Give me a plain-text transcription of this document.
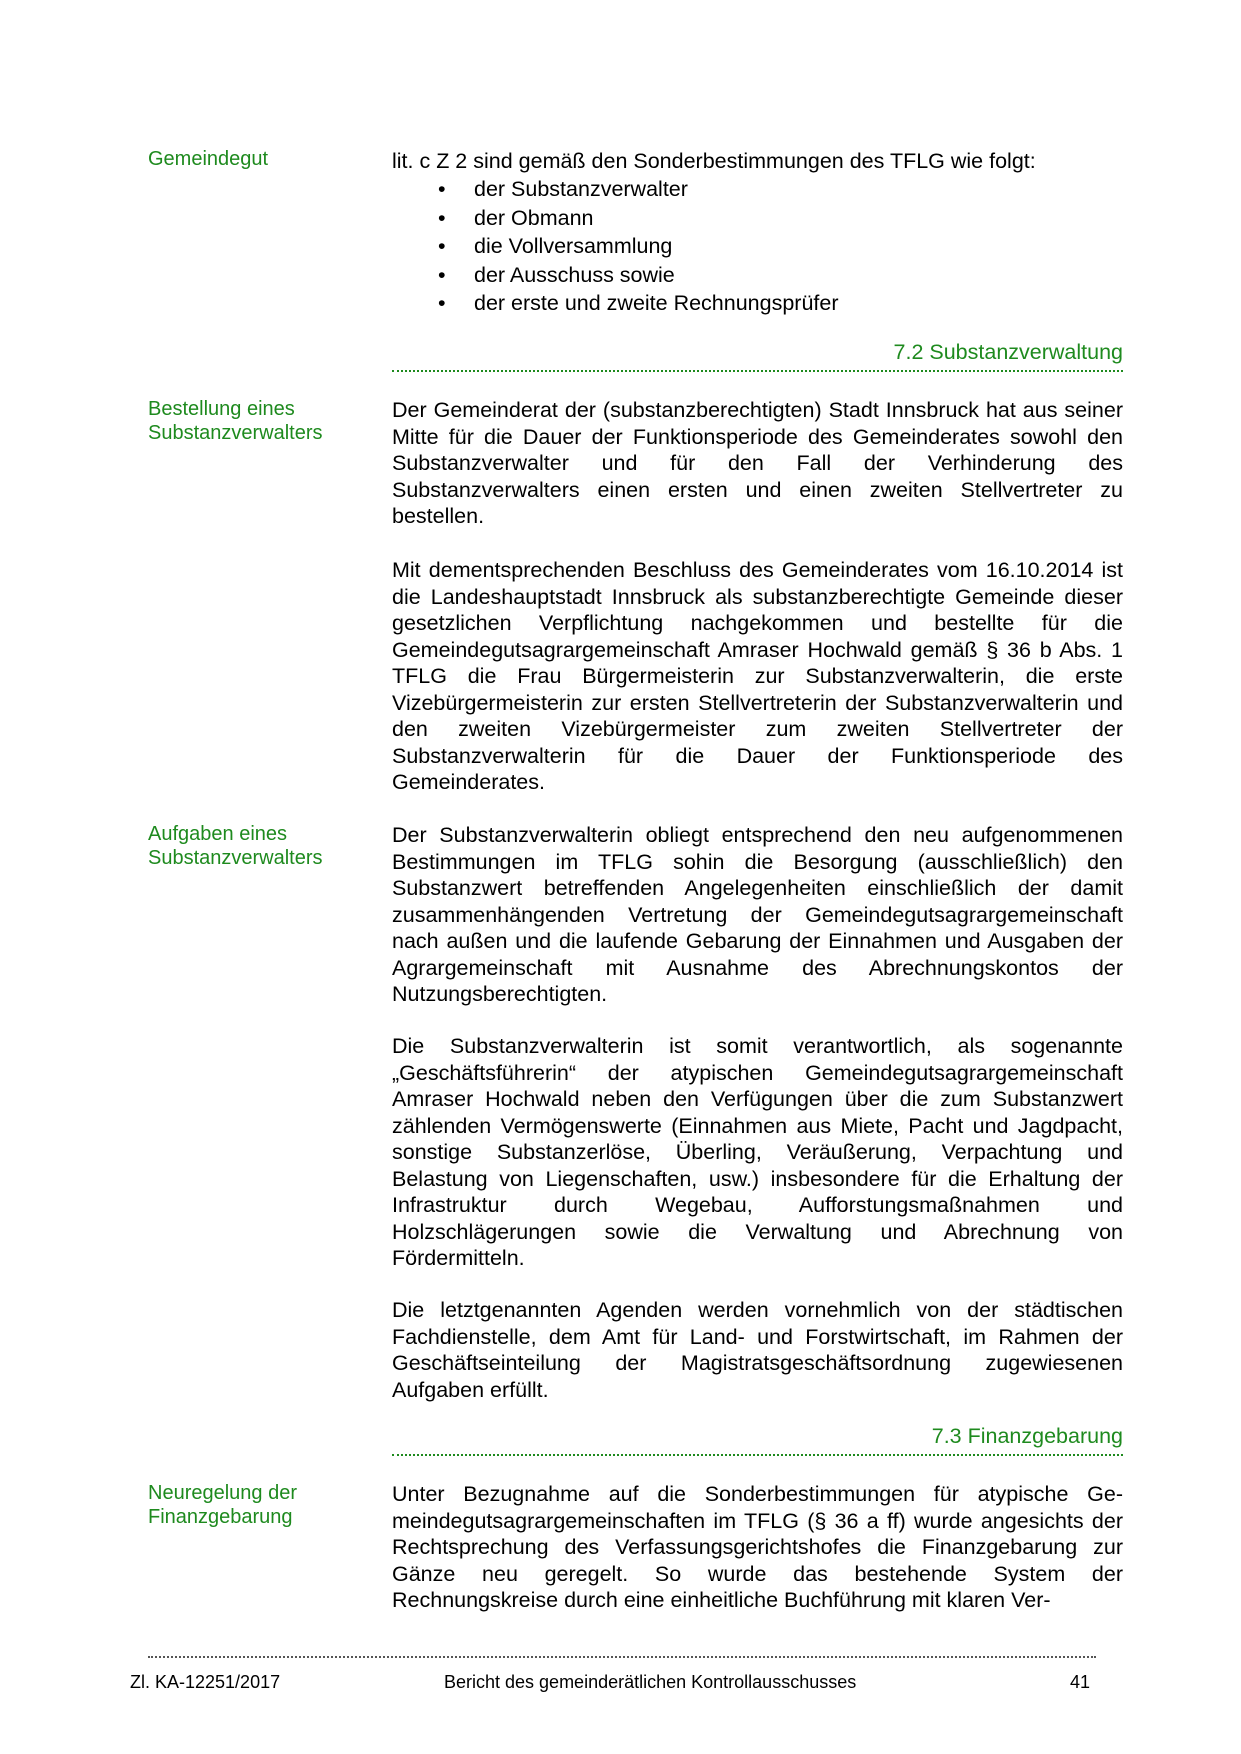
Gemeindegut	lit. c Z 2 sind gemäß den Sonderbestimmungen des TFLG wie folgt:
• der Substanzverwalter
• der Obmann
• die Vollversammlung
• der Ausschuss sowie
• der erste und zweite Rechnungsprüfer
7.2 Substanzverwaltung
Bestellung eines Substanzverwalters
Der Gemeinderat der (substanzberechtigten) Stadt Innsbruck hat aus seiner Mitte für die Dauer der Funktionsperiode des Gemeinderates sowohl den Substanzverwalter und für den Fall der Verhinderung des Substanzverwalters einen ersten und einen zweiten Stellvertreter zu bestellen.
Mit dementsprechenden Beschluss des Gemeinderates vom 16.10.2014 ist die Landeshauptstadt Innsbruck als substanzberechtigte Gemeinde dieser gesetzlichen Verpflichtung nachgekommen und bestellte für die Gemeindegutsagrargemeinschaft Amraser Hochwald gemäß § 36 b Abs. 1 TFLG die Frau Bürgermeisterin zur Substanzverwalterin, die erste Vizebürgermeisterin zur ersten Stellvertreterin der Substanzverwalterin und den zweiten Vizebürgermeister zum zweiten Stellvertreter der Substanzverwalterin für die Dauer der Funktionsperiode des Gemeinderates.
Aufgaben eines Substanzverwalters
Der Substanzverwalterin obliegt entsprechend den neu aufgenommenen Bestimmungen im TFLG sohin die Besorgung (ausschließlich) den Substanzwert betreffenden Angelegenheiten einschließlich der damit zusammenhängenden Vertretung der Gemeindegutsagrargemeinschaft nach außen und die laufende Gebarung der Einnahmen und Ausgaben der Agrargemeinschaft mit Ausnahme des Abrechnungskontos der Nutzungsberechtigten.
Die Substanzverwalterin ist somit verantwortlich, als sogenannte „Geschäftsführerin“ der atypischen Gemeindegutsagrargemeinschaft Amraser Hochwald neben den Verfügungen über die zum Substanzwert zählenden Vermögenswerte (Einnahmen aus Miete, Pacht und Jagdpacht, sonstige Substanzerlöse, Überling, Veräußerung, Verpachtung und Belastung von Liegenschaften, usw.) insbesondere für die Erhaltung der Infrastruktur durch Wegebau, Aufforstungsmaßnahmen und Holzschlägerungen sowie die Verwaltung und Abrechnung von Fördermitteln.
Die letztgenannten Agenden werden vornehmlich von der städtischen Fachdienstelle, dem Amt für Land- und Forstwirtschaft, im Rahmen der Geschäftseinteilung der Magistratsgeschäftsordnung zugewiesenen Aufgaben erfüllt.
7.3 Finanzgebarung
Neuregelung der Finanzgebarung
Unter Bezugnahme auf die Sonderbestimmungen für atypische Gemeindegutsagrargemeinschaften im TFLG (§ 36 a ff) wurde angesichts der Rechtsprechung des Verfassungsgerichtshofes die Finanzgebarung zur Gänze neu geregelt. So wurde das bestehende System der Rechnungskreise durch eine einheitliche Buchführung mit klaren Ver-
Zl. KA-12251/2017	Bericht des gemeinderätlichen Kontrollausschusses	41
